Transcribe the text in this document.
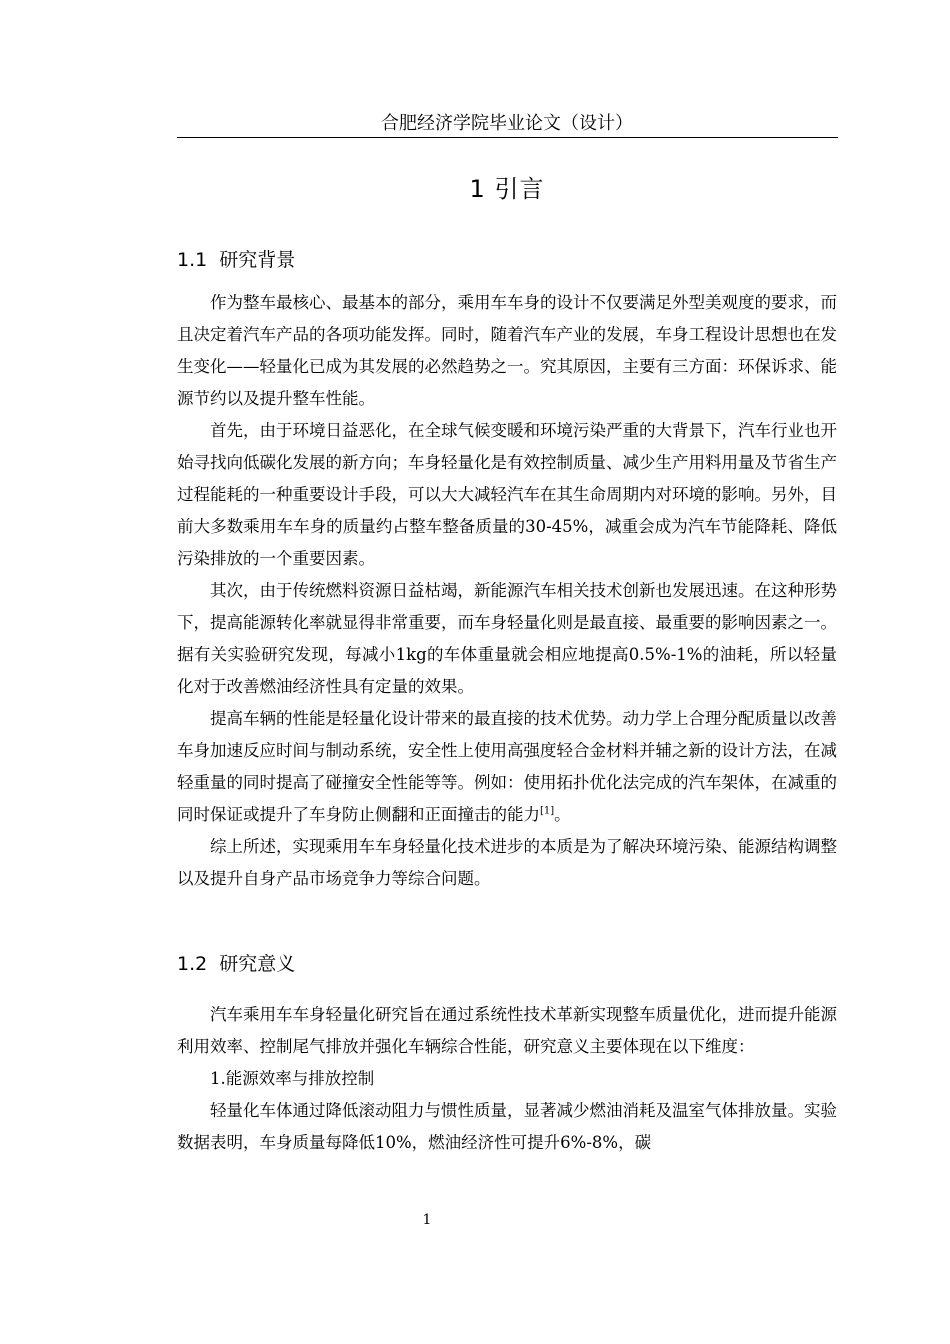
合肥经济学院毕业论文（设计）
1 引言
1.1 研究背景

作为整车最核心、最基本的部分，乘用车车身的设计不仅要满足外型美观度的要求，而且决定着汽车产品的各项功能发挥。同时，随着汽车产业的发展，车身工程设计思想也在发生变化——轻量化已成为其发展的必然趋势之一。究其原因，主要有三方面：环保诉求、能源节约以及提升整车性能。

首先，由于环境日益恶化，在全球气候变暖和环境污染严重的大背景下，汽车行业也开始寻找向低碳化发展的新方向；车身轻量化是有效控制质量、减少生产用料用量及节省生产过程能耗的一种重要设计手段，可以大大减轻汽车在其生命周期内对环境的影响。另外，目前大多数乘用车车身的质量约占整车整备质量的30-45%，减重会成为汽车节能降耗、降低污染排放的一个重要因素。

其次，由于传统燃料资源日益枯竭，新能源汽车相关技术创新也发展迅速。在这种形势下，提高能源转化率就显得非常重要，而车身轻量化则是最直接、最重要的影响因素之一。据有关实验研究发现，每减小1kg的车体重量就会相应地提高0.5%-1%的油耗，所以轻量化对于改善燃油经济性具有定量的效果。

提高车辆的性能是轻量化设计带来的最直接的技术优势。动力学上合理分配质量以改善车身加速反应时间与制动系统，安全性上使用高强度轻合金材料并辅之新的设计方法，在减轻重量的同时提高了碰撞安全性能等等。例如：使用拓扑优化法完成的汽车架体，在减重的同时保证或提升了车身防止侧翻和正面撞击的能力[1]。

综上所述，实现乘用车车身轻量化技术进步的本质是为了解决环境污染、能源结构调整以及提升自身产品市场竞争力等综合问题。

1.2 研究意义

汽车乘用车车身轻量化研究旨在通过系统性技术革新实现整车质量优化，进而提升能源利用效率、控制尾气排放并强化车辆综合性能，研究意义主要体现在以下维度：

1.能源效率与排放控制

轻量化车体通过降低滚动阻力与惯性质量，显著减少燃油消耗及温室气体排放量。实验数据表明，车身质量每降低10%，燃油经济性可提升6%-8%，碳

1
